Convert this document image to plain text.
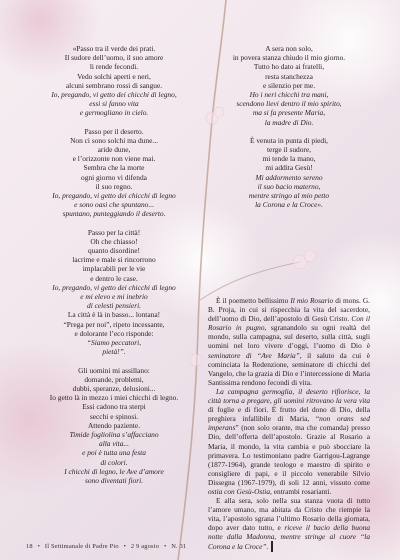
«Passo tra il verde dei prati.
Il sudore dell’uomo, il suo amore
li rende fecondi.
Vedo solchi aperti e neri,
alcuni sembrano rossi di sangue.
Io, pregando, vi getto dei chicchi di legno,
essi si fanno vita
e germogliano in cielo.
Passo per il deserto.
Non ci sono solchi ma dune...
aride dune,
e l’orizzonte non viene mai.
Sembra che la morte
ogni giorno vi difenda
il suo regno.
Io, pregando, vi getto dei chicchi di legno
e sono oasi che spuntano...
spuntano, punteggiando il deserto.
Passo per la città!
Oh che chiasso!
quanto disordine!
lacrime e male si rincorrono
implacabili per le vie
e dentro le case.
Io, pregando, vi getto dei chicchi di legno
e mi elevo e mi inebrio
di celesti pensieri.
La città è là in basso... lontana!
“Prega per noi”, ripeto incessante,
e dolorante l’eco risponde:
“Siamo peccatori,
pietà!”.
Gli uomini mi assillano:
domande, problemi,
dubbi, speranze, delusioni...
Io getto là in mezzo i miei chicchi di legno.
Essi cadono tra sterpi
secchi e spinosi.
Attendo paziente.
Timide fogliolina s’affacciano
alla vita...
e poi è tutta una festa
di colori.
I chicchi di legno, le Ave d’amore
sono diventati fiori.
A sera non solo,
in povera stanza chiudo il mio giorno.
Tutto ho dato ai fratelli,
resta stanchezza
e silenzio per me.
Ho i neri chicchi tra mani,
scendono lievi dentro il mio spirito,
ma si fa presente Maria,
la madre di Dio.
È venuta in punta di piedi,
terge il sudore,
mi tende la mano,
mi addita Gesù!
Mi addormento sereno
il suo bacio materno,
mentre stringo al mio petto
la Corona e la Croce».

È il poemetto bellissimo Il mio Rosario di mons. G. B. Proja, in cui si rispecchia la vita del sacerdote, dell’uomo di Dio, dell’apostolo di Gesù Cristo. Con il Rosario in pugno, sgranandolo su ogni realtà del mondo, sulla campagna, sul deserto, sulla città, sugli uomini nel loro vivere d’oggi, l’uomo di Dio è seminatore di “Ave Maria”, il saluto da cui è cominciata la Redenzione, seminatore di chicchi del Vangelo, che la grazia di Dio e l’intercessione di Maria Santissima rendono fecondi di vita.

La campagna germoglia, il deserto rifiorisce, la città torna a pregare, gli uomini ritrovano la vera vita di foglie e di fiori. È frutto del dono di Dio, della preghiera infallibile di Maria, “non orans sed imperans” (non solo orante, ma che comanda) presso Dio, dell’offerta dell’apostolo. Grazie al Rosario a Maria, il mondo, la vita cambia e può sbocciare la primavera. Lo testimoniano padre Garrigou-Lagrange (1877-1964), grande teologo e maestro di spirito e consigliere di papi, e il piccolo venerabile Silvio Dissegna (1967-1979), di soli 12 anni, vissuto come ostia con Gesù-Ostia, entrambi rosarianti.

E alla sera, solo nella sua stanza vuota di tutto l’amore umano, ma abitata da Cristo che riempie la vita, l’apostolo sgrana l’ultimo Rosario della giornata, dopo aver dato tutto, e riceve il bacio della buona notte dalla Madonna, mentre stringe al cuore “la Corona e la Croce”.

18 • Il Settimanale di Padre Pio • 2 9 agosto • N. 31
